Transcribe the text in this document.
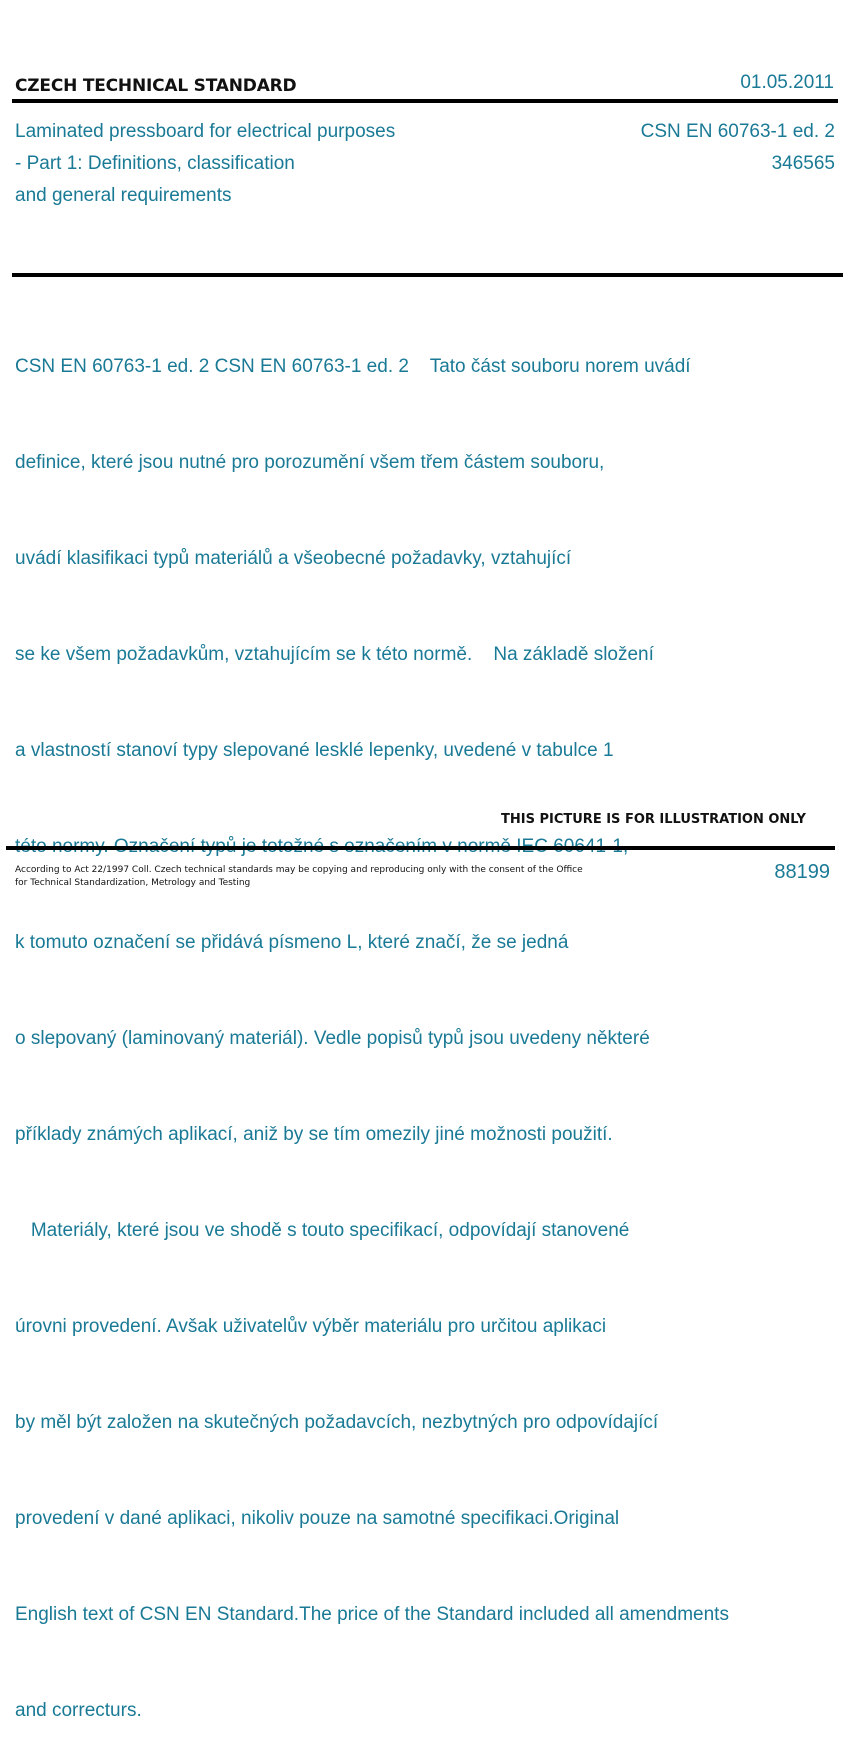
CZECH TECHNICAL STANDARD	01.05.2011
Laminated pressboard for electrical purposes
- Part 1: Definitions, classification
and general requirements
CSN EN 60763-1 ed. 2
346565

CSN EN 60763-1 ed. 2 CSN EN 60763-1 ed. 2    Tato část souboru norem uvádí

definice, které jsou nutné pro porozumění všem třem částem souboru,

uvádí klasifikaci typů materiálů a všeobecné požadavky, vztahující

se ke všem požadavkům, vztahujícím se k této normě.    Na základě složení

a vlastností stanoví typy slepované lesklé lepenky, uvedené v tabulce 1

k tomuto označení se přidává písmeno L, které značí, že se jedná

o slepovaný (laminovaný materiál). Vedle popisů typů jsou uvedeny některé

příklady známých aplikací, aniž by se tím omezily jiné možnosti použití.

Materiály, které jsou ve shodě s touto specifikací, odpovídají stanovené

úrovni provedení. Avšak uživatelův výběr materiálu pro určitou aplikaci

by měl být založen na skutečných požadavcích, nezbytných pro odpovídající

provedení v dané aplikaci, nikoliv pouze na samotné specifikaci.Original

English text of CSN EN Standard.The price of the Standard included all amendments

and correcturs.

THIS PICTURE IS FOR ILLUSTRATION ONLY
According to Act 22/1997 Coll. Czech technical standards may be copying and reproducing only with the consent of the Office
for Technical Standardization, Metrology and Testing	88199
